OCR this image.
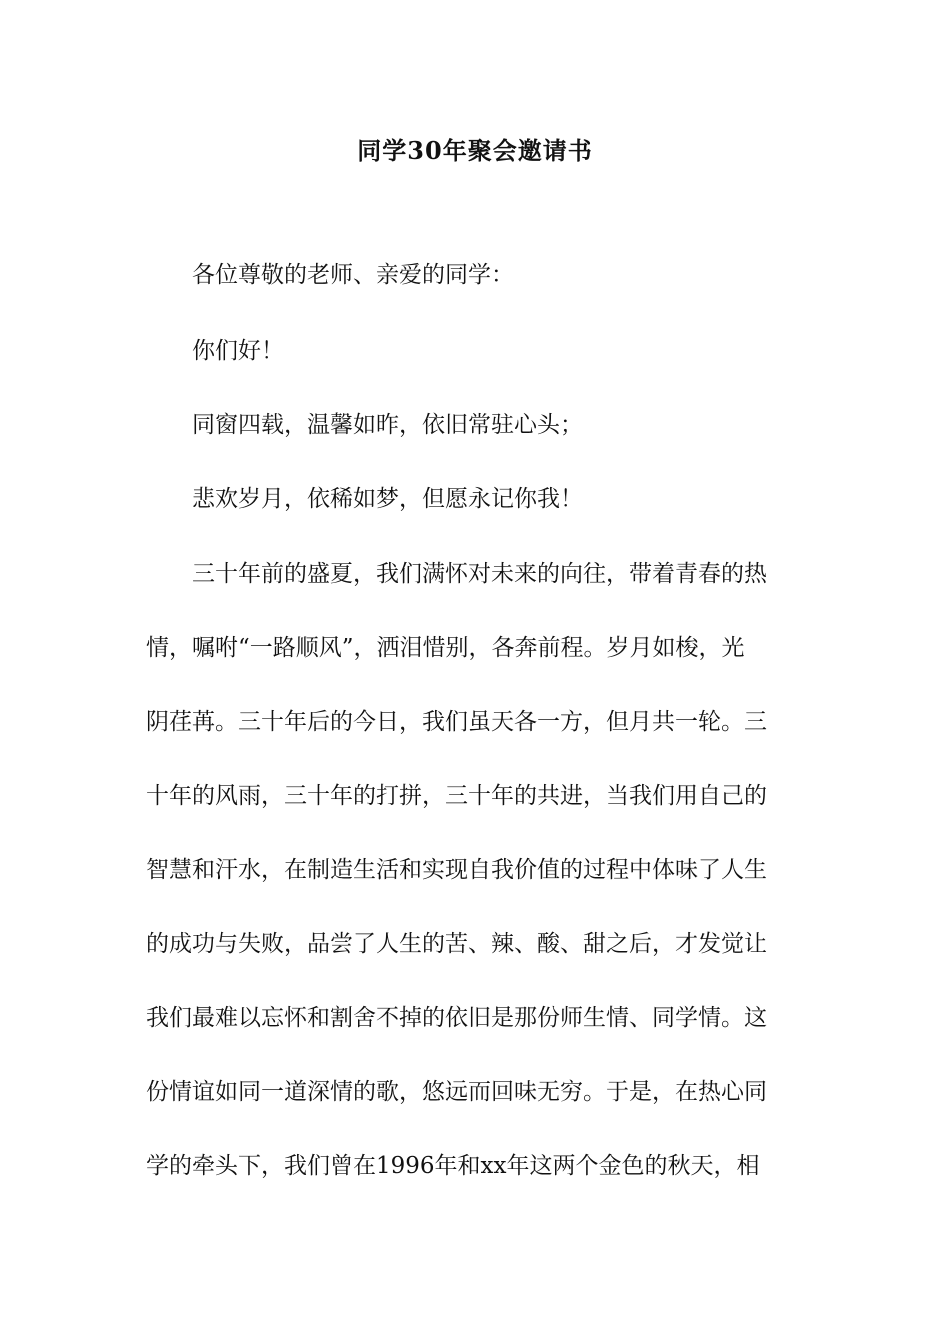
同学30年聚会邀请书
各位尊敬的老师、亲爱的同学：
你们好！
同窗四载，温馨如昨，依旧常驻心头；
悲欢岁月，依稀如梦，但愿永记你我！
三十年前的盛夏，我们满怀对未来的向往，带着青春的热
情，嘱咐“一路顺风”，洒泪惜别，各奔前程。岁月如梭，光
阴荏苒。三十年后的今日，我们虽天各一方，但月共一轮。三
十年的风雨，三十年的打拼，三十年的共进，当我们用自己的
智慧和汗水，在制造生活和实现自我价值的过程中体味了人生
的成功与失败，品尝了人生的苦、辣、酸、甜之后，才发觉让
我们最难以忘怀和割舍不掉的依旧是那份师生情、同学情。这
份情谊如同一道深情的歌，悠远而回味无穷。于是，在热心同
学的牵头下，我们曾在1996年和xx年这两个金色的秋天，相
